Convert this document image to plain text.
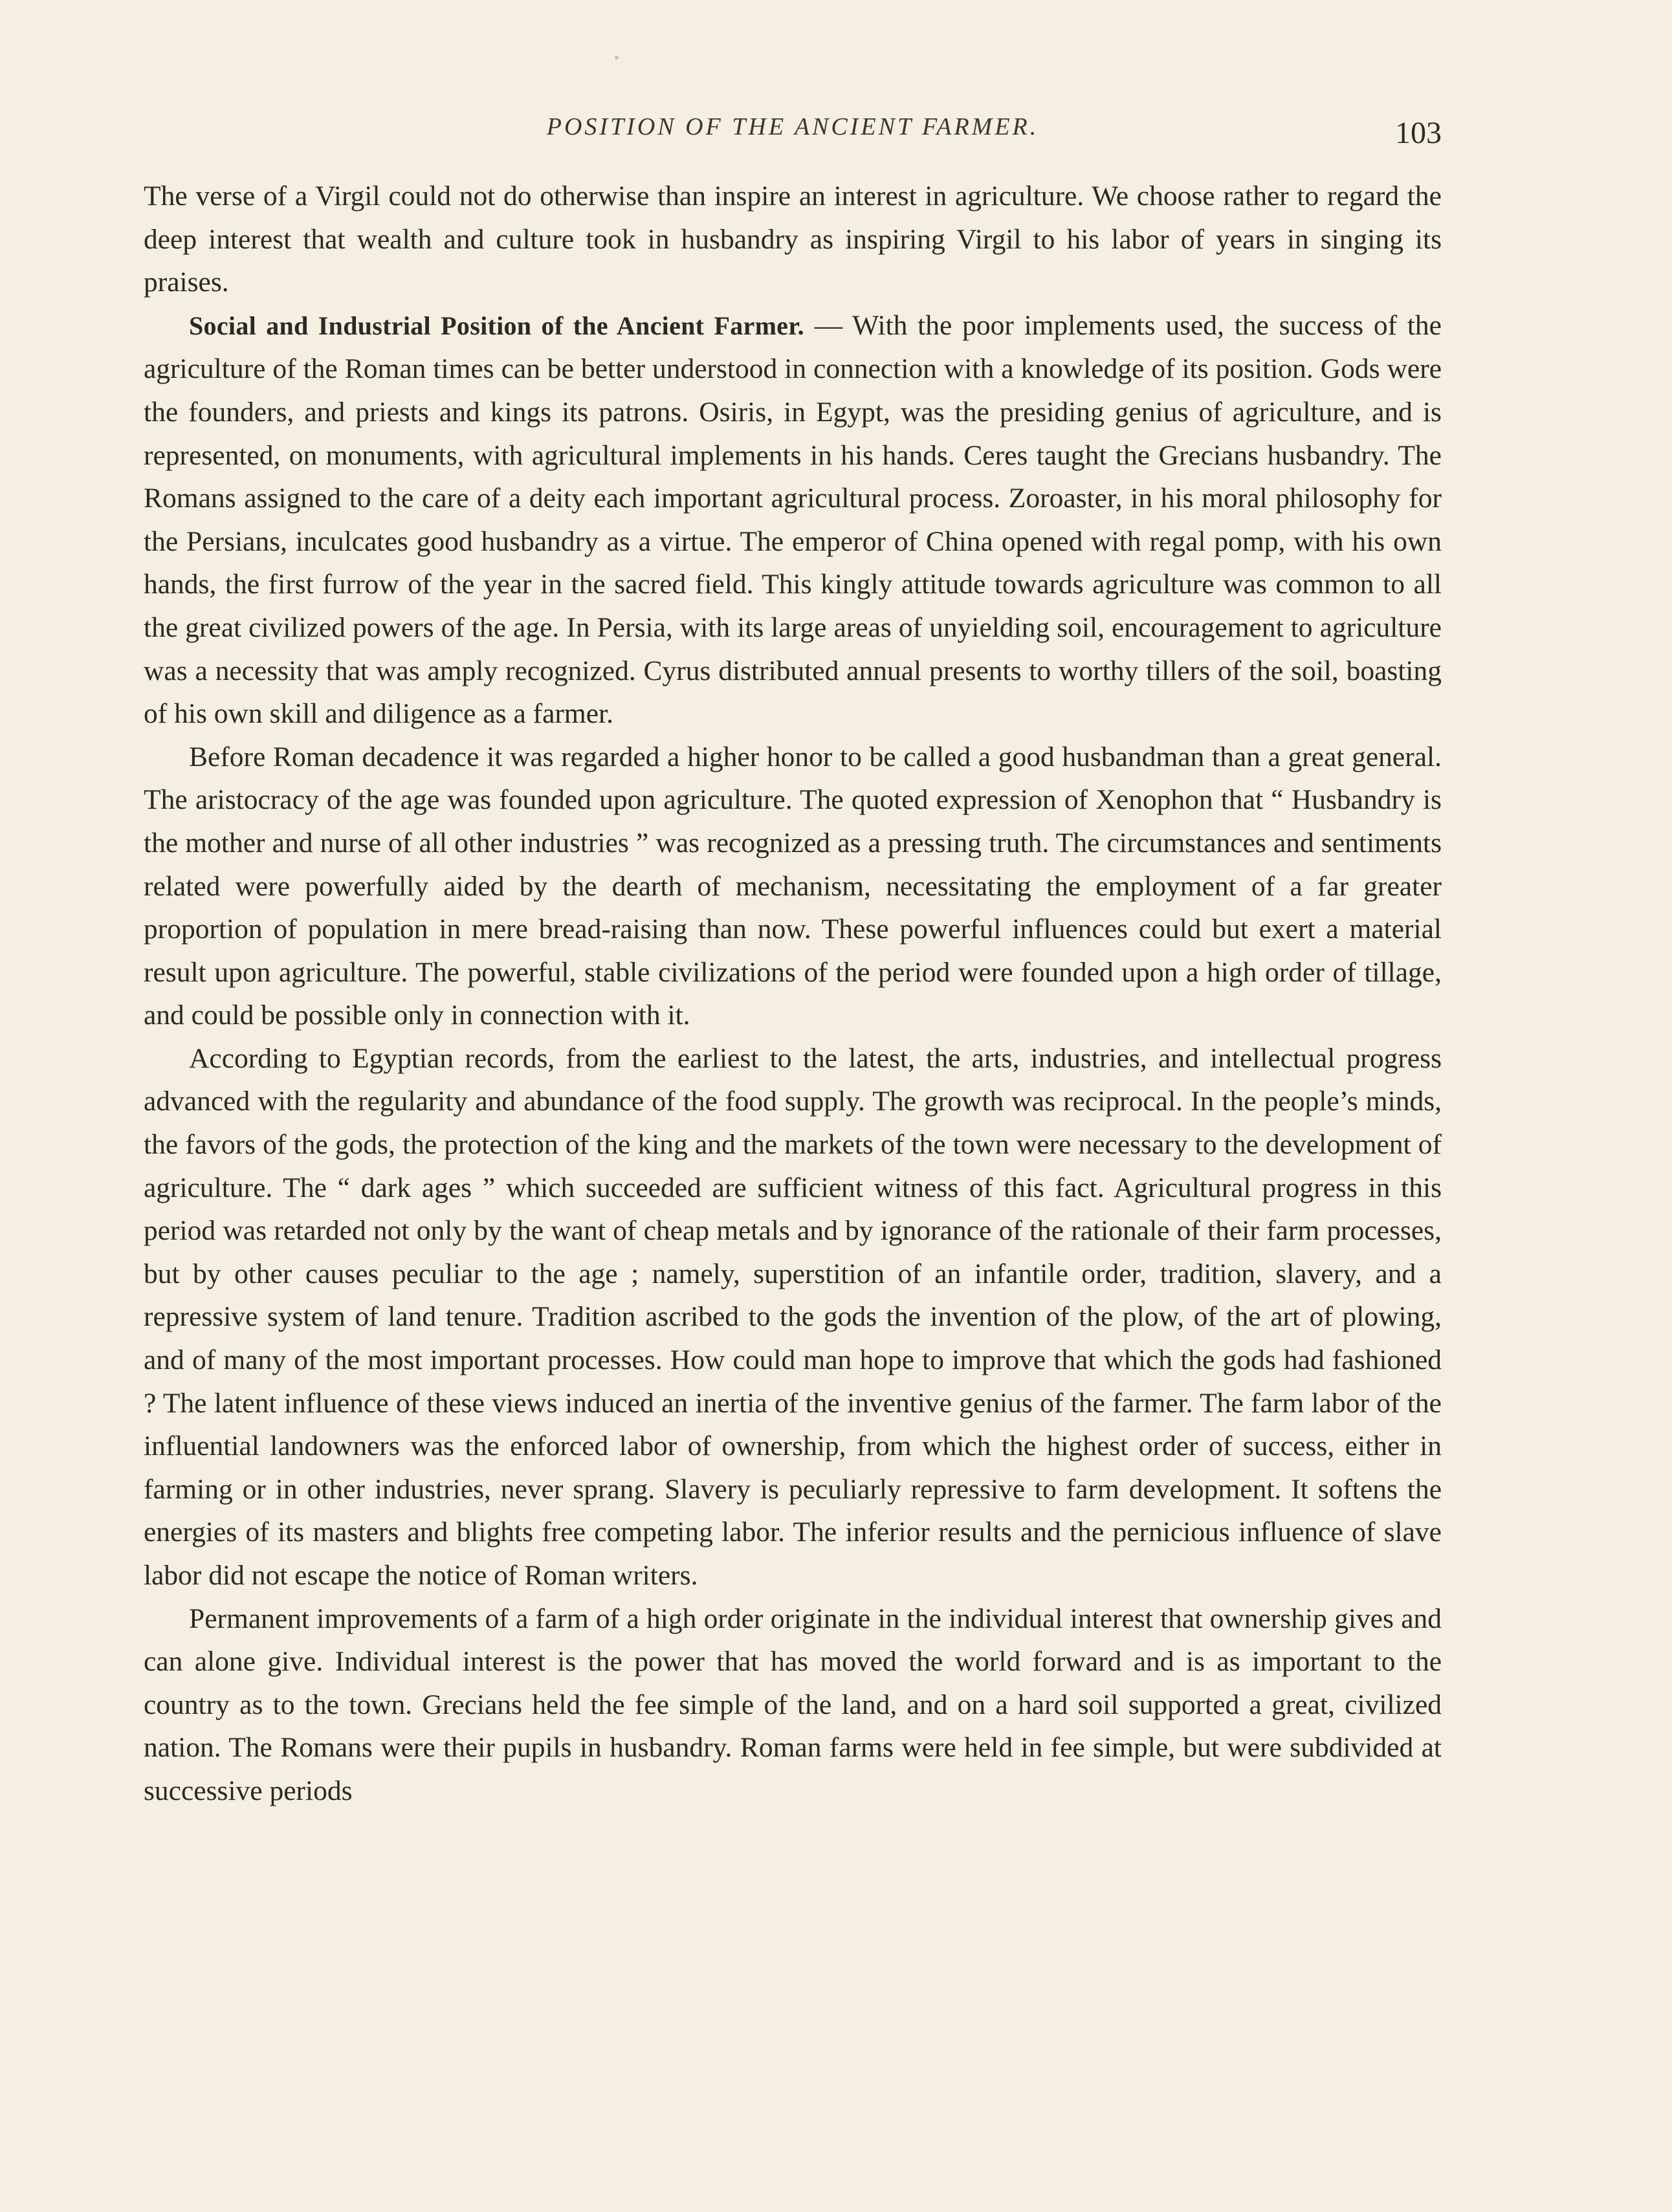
POSITION OF THE ANCIENT FARMER.	103

The verse of a Virgil could not do otherwise than inspire an interest in agriculture. We choose rather to regard the deep interest that wealth and culture took in husbandry as inspiring Virgil to his labor of years in singing its praises.

Social and Industrial Position of the Ancient Farmer. — With the poor implements used, the success of the agriculture of the Roman times can be better understood in connection with a knowledge of its position. Gods were the founders, and priests and kings its patrons. Osiris, in Egypt, was the presiding genius of agriculture, and is represented, on monuments, with agricultural implements in his hands. Ceres taught the Grecians husbandry. The Romans assigned to the care of a deity each important agricultural process. Zoroaster, in his moral philosophy for the Persians, inculcates good husbandry as a virtue. The emperor of China opened with regal pomp, with his own hands, the first furrow of the year in the sacred field. This kingly attitude towards agriculture was common to all the great civilized powers of the age. In Persia, with its large areas of unyielding soil, encouragement to agriculture was a necessity that was amply recognized. Cyrus distributed annual presents to worthy tillers of the soil, boasting of his own skill and diligence as a farmer.

Before Roman decadence it was regarded a higher honor to be called a good husbandman than a great general. The aristocracy of the age was founded upon agriculture. The quoted expression of Xenophon that “ Husbandry is the mother and nurse of all other industries ” was recognized as a pressing truth. The circumstances and sentiments related were powerfully aided by the dearth of mechanism, necessitating the employment of a far greater proportion of population in mere bread-raising than now. These powerful influences could but exert a material result upon agriculture. The powerful, stable civilizations of the period were founded upon a high order of tillage, and could be possible only in connection with it.

According to Egyptian records, from the earliest to the latest, the arts, industries, and intellectual progress advanced with the regularity and abundance of the food supply. The growth was reciprocal. In the people’s minds, the favors of the gods, the protection of the king and the markets of the town were necessary to the development of agriculture. The “ dark ages ” which succeeded are sufficient witness of this fact. Agricultural progress in this period was retarded not only by the want of cheap metals and by ignorance of the rationale of their farm processes, but by other causes peculiar to the age ; namely, superstition of an infantile order, tradition, slavery, and a repressive system of land tenure. Tradition ascribed to the gods the invention of the plow, of the art of plowing, and of many of the most important processes. How could man hope to improve that which the gods had fashioned ? The latent influence of these views induced an inertia of the inventive genius of the farmer. The farm labor of the influential landowners was the enforced labor of ownership, from which the highest order of success, either in farming or in other industries, never sprang. Slavery is peculiarly repressive to farm development. It softens the energies of its masters and blights free competing labor. The inferior results and the pernicious influence of slave labor did not escape the notice of Roman writers.

Permanent improvements of a farm of a high order originate in the individual interest that ownership gives and can alone give. Individual interest is the power that has moved the world forward and is as important to the country as to the town. Grecians held the fee simple of the land, and on a hard soil supported a great, civilized nation. The Romans were their pupils in husbandry. Roman farms were held in fee simple, but were subdivided at successive periods
